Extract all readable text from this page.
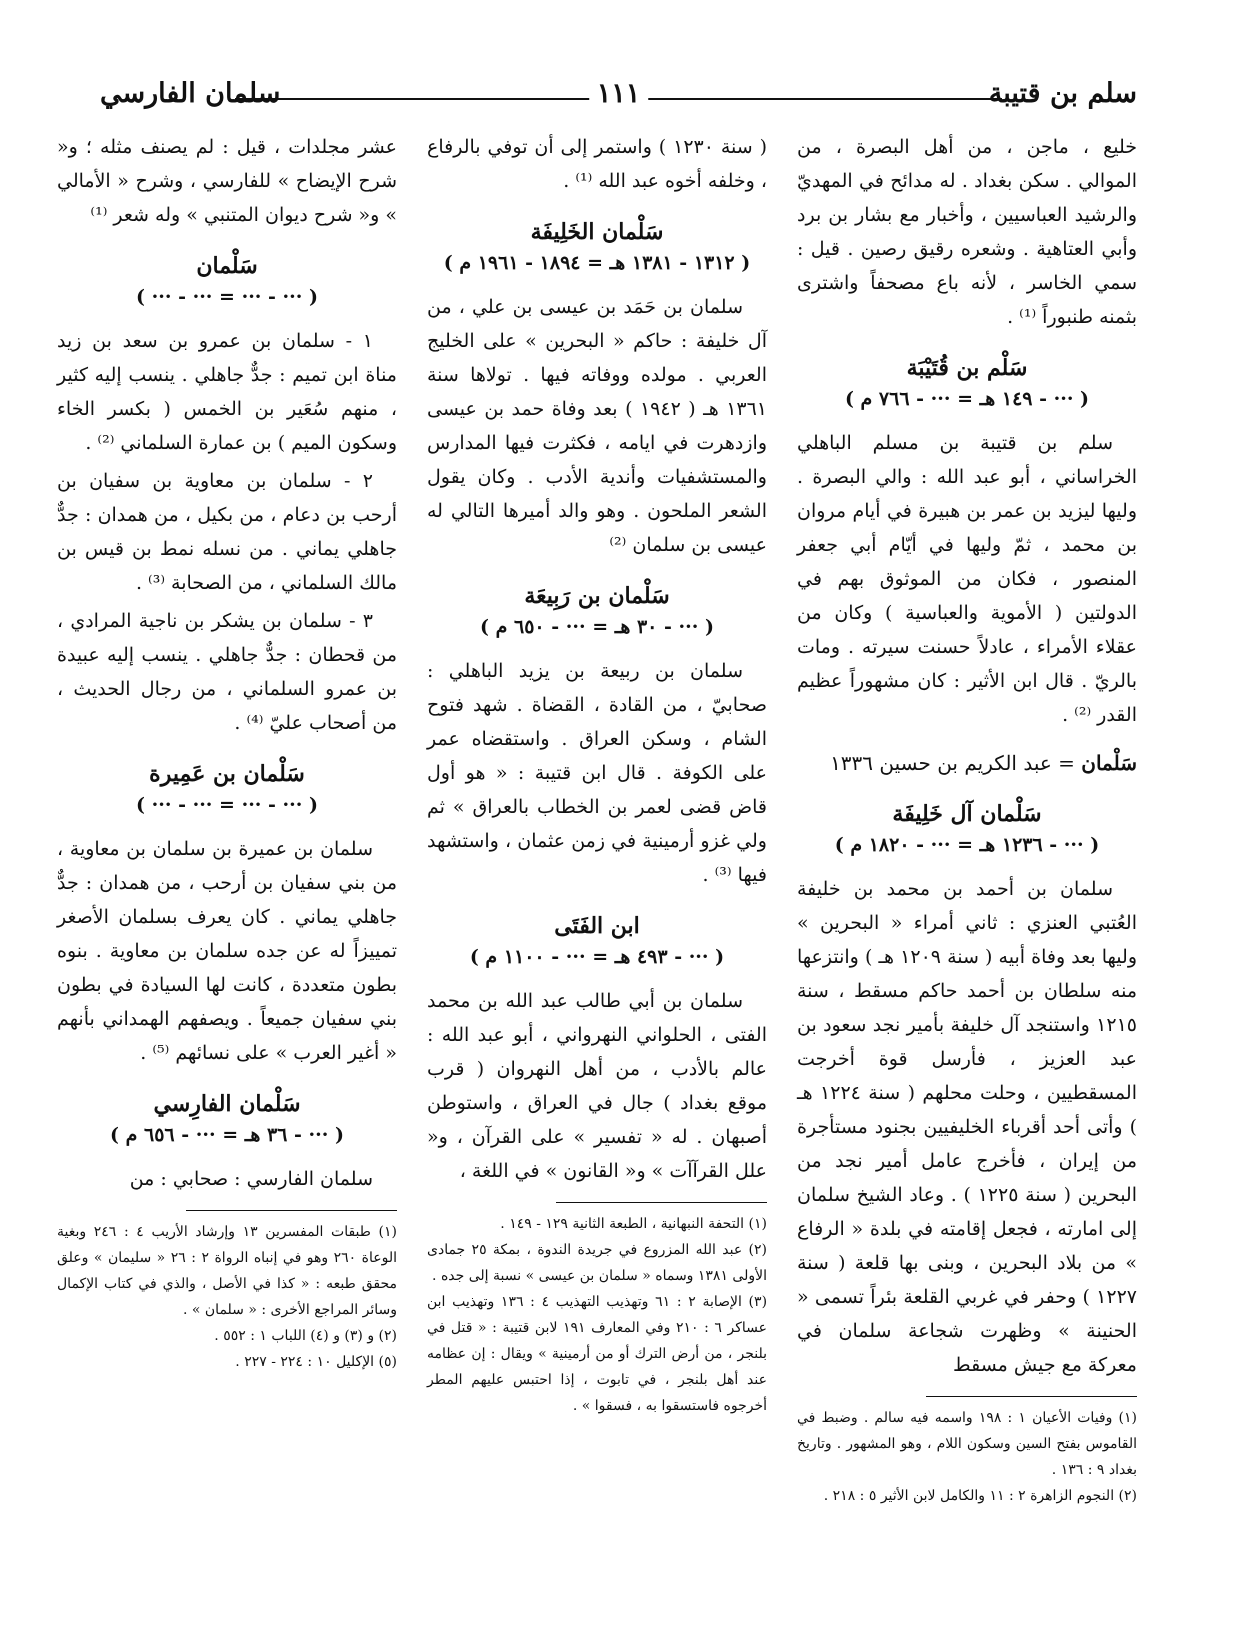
سلم بن قتيبة
١١١
سلمان الفارسي

خليع ، ماجن ، من أهل البصرة ، من الموالي . سكن بغداد . له مدائح في المهديّ والرشيد العباسيين ، وأخبار مع بشار بن برد وأبي العتاهية . وشعره رقيق رصين . قيل : سمي الخاسر ، لأنه باع مصحفاً واشترى بثمنه طنبوراً ⁽¹⁾ .

سَلْم بن قُتَيْبَة
( ··· - ١٤٩ هـ = ··· - ٧٦٦ م )

سلم بن قتيبة بن مسلم الباهلي الخراساني ، أبو عبد الله : والي البصرة . وليها ليزيد بن عمر بن هبيرة في أيام مروان بن محمد ، ثمّ وليها في أيّام أبي جعفر المنصور ، فكان من الموثوق بهم في الدولتين ( الأموية والعباسية ) وكان من عقلاء الأمراء ، عادلاً حسنت سيرته . ومات بالريّ . قال ابن الأثير : كان مشهوراً عظيم القدر ⁽²⁾ .

سَلْمان = عبد الكريم بن حسين ١٣٣٦

سَلْمان آل خَلِيفَة
( ··· - ١٢٣٦ هـ = ··· - ١٨٢٠ م )

سلمان بن أحمد بن محمد بن خليفة العُتبي العنزي : ثاني أمراء « البحرين » وليها بعد وفاة أبيه ( سنة ١٢٠٩ هـ ) وانتزعها منه سلطان بن أحمد حاكم مسقط ، سنة ١٢١٥ واستنجد آل خليفة بأمير نجد سعود بن عبد العزيز ، فأرسل قوة أخرجت المسقطيين ، وحلت محلهم ( سنة ١٢٢٤ هـ ) وأتى أحد أقرباء الخليفيين بجنود مستأجرة من إيران ، فأخرج عامل أمير نجد من البحرين ( سنة ١٢٢٥ ) . وعاد الشيخ سلمان إلى امارته ، فجعل إقامته في بلدة « الرفاع » من بلاد البحرين ، وبنى بها قلعة ( سنة ١٢٢٧ ) وحفر في غربي القلعة بئراً تسمى « الحنينة » وظهرت شجاعة سلمان في معركة مع جيش مسقط

(١) وفيات الأعيان ١ : ١٩٨ واسمه فيه سالم . وضبط في القاموس بفتح السين وسكون اللام ، وهو المشهور . وتاريخ بغداد ٩ : ١٣٦ .

(٢) النجوم الزاهرة ٢ : ١١ والكامل لابن الأثير ٥ : ٢١٨ .

( سنة ١٢٣٠ ) واستمر إلى أن توفي بالرفاع ، وخلفه أخوه عبد الله ⁽¹⁾ .

سَلْمان الخَلِيفَة
( ١٣١٢ - ١٣٨١ هـ = ١٨٩٤ - ١٩٦١ م )

سلمان بن حَمَد بن عيسى بن علي ، من آل خليفة : حاكم « البحرين » على الخليج العربي . مولده ووفاته فيها . تولاها سنة ١٣٦١ هـ ( ١٩٤٢ ) بعد وفاة حمد بن عيسى وازدهرت في ايامه ، فكثرت فيها المدارس والمستشفيات وأندية الأدب . وكان يقول الشعر الملحون . وهو والد أميرها التالي له عيسى بن سلمان ⁽²⁾

سَلْمان بن رَبِيعَة
( ··· - ٣٠ هـ = ··· - ٦٥٠ م )

سلمان بن ربيعة بن يزيد الباهلي : صحابيّ ، من القادة ، القضاة . شهد فتوح الشام ، وسكن العراق . واستقضاه عمر على الكوفة . قال ابن قتيبة : « هو أول قاض قضى لعمر بن الخطاب بالعراق » ثم ولي غزو أرمينية في زمن عثمان ، واستشهد فيها ⁽³⁾ .

ابن الفَتَى
( ··· - ٤٩٣ هـ = ··· - ١١٠٠ م )

سلمان بن أبي طالب عبد الله بن محمد الفتى ، الحلواني النهرواني ، أبو عبد الله : عالم بالأدب ، من أهل النهروان ( قرب موقع بغداد ) جال في العراق ، واستوطن أصبهان . له « تفسير » على القرآن ، و« علل القرآآت » و« القانون » في اللغة ،

(١) التحفة النبهانية ، الطبعة الثانية ١٢٩ - ١٤٩ .

(٢) عبد الله المزروع في جريدة الندوة ، بمكة ٢٥ جمادى الأولى ١٣٨١ وسماه « سلمان بن عيسى » نسبة إلى جده .

(٣) الإصابة ٢ : ٦١ وتهذيب التهذيب ٤ : ١٣٦ وتهذيب ابن عساكر ٦ : ٢١٠ وفي المعارف ١٩١ لابن قتيبة : « قتل في بلنجر ، من أرض الترك أو من أرمينية » ويقال : إن عظامه عند أهل بلنجر ، في تابوت ، إذا احتبس عليهم المطر أخرجوه فاستسقوا به ، فسقوا » .

عشر مجلدات ، قيل : لم يصنف مثله ؛ و« شرح الإيضاح » للفارسي ، وشرح « الأمالي » و« شرح ديوان المتنبي » وله شعر ⁽¹⁾

سَلْمان
( ··· - ··· = ··· - ··· )

١ - سلمان بن عمرو بن سعد بن زيد مناة ابن تميم : جدٌّ جاهلي . ينسب إليه كثير ، منهم سُعَير بن الخمس ( بكسر الخاء وسكون الميم ) بن عمارة السلماني ⁽²⁾ .

٢ - سلمان بن معاوية بن سفيان بن أرحب بن دعام ، من بكيل ، من همدان : جدٌّ جاهلي يماني . من نسله نمط بن قيس بن مالك السلماني ، من الصحابة ⁽³⁾ .

٣ - سلمان بن يشكر بن ناجية المرادي ، من قحطان : جدٌّ جاهلي . ينسب إليه عبيدة بن عمرو السلماني ، من رجال الحديث ، من أصحاب عليّ ⁽⁴⁾ .

سَلْمان بن عَمِيرة
( ··· - ··· = ··· - ··· )

سلمان بن عميرة بن سلمان بن معاوية ، من بني سفيان بن أرحب ، من همدان : جدٌّ جاهلي يماني . كان يعرف بسلمان الأصغر تمييزاً له عن جده سلمان بن معاوية . بنوه بطون متعددة ، كانت لها السيادة في بطون بني سفيان جميعاً . ويصفهم الهمداني بأنهم « أغير العرب » على نسائهم ⁽⁵⁾ .

سَلْمان الفارِسي
( ··· - ٣٦ هـ = ··· - ٦٥٦ م )

سلمان الفارسي : صحابي : من

(١) طبقات المفسرين ١٣ وإرشاد الأريب ٤ : ٢٤٦ وبغية الوعاة ٢٦٠ وهو في إنباه الرواة ٢ : ٢٦ « سليمان » وعلق محقق طبعه : « كذا في الأصل ، والذي في كتاب الإكمال وسائر المراجع الأخرى : « سلمان » .

(٢) و (٣) و (٤) اللباب ١ : ٥٥٢ .

(٥) الإكليل ١٠ : ٢٢٤ - ٢٢٧ .
